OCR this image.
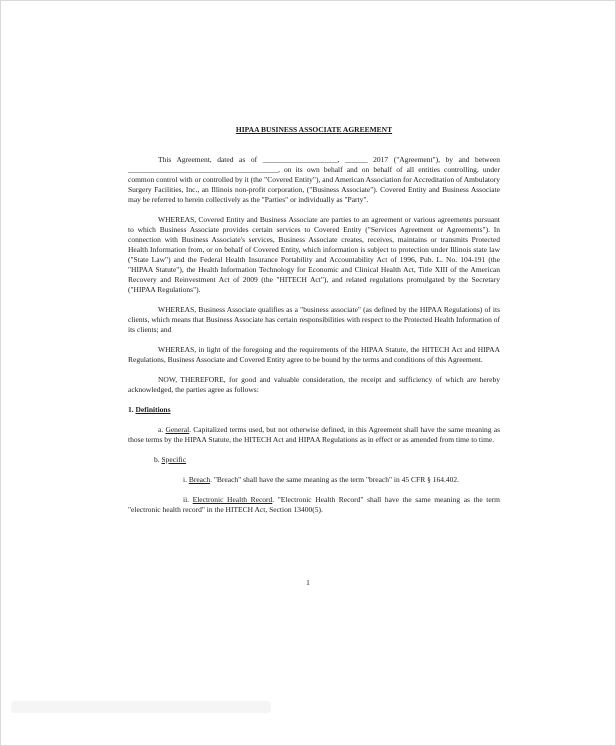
HIPAA BUSINESS ASSOCIATE AGREEMENT

This Agreement, dated as of ____________________, ______ 2017 ("Agreement"), by and between ________________________________________, on its own behalf and on behalf of all entities controlling, under common control with or controlled by it (the "Covered Entity"), and American Association for Accreditation of Ambulatory Surgery Facilities, Inc., an Illinois non-profit corporation, ("Business Associate"). Covered Entity and Business Associate may be referred to herein collectively as the "Parties" or individually as "Party".

WHEREAS, Covered Entity and Business Associate are parties to an agreement or various agreements pursuant to which Business Associate provides certain services to Covered Entity ("Services Agreement or Agreements"). In connection with Business Associate's services, Business Associate creates, receives, maintains or transmits Protected Health Information from, or on behalf of Covered Entity, which information is subject to protection under Illinois state law ("State Law") and the Federal Health Insurance Portability and Accountability Act of 1996, Pub. L. No. 104-191 (the "HIPAA Statute"), the Health Information Technology for Economic and Clinical Health Act, Title XIII of the American Recovery and Reinvestment Act of 2009 (the "HITECH Act"), and related regulations promulgated by the Secretary ("HIPAA Regulations").

WHEREAS, Business Associate qualifies as a "business associate" (as defined by the HIPAA Regulations) of its clients, which means that Business Associate has certain responsibilities with respect to the Protected Health Information of its clients; and

WHEREAS, in light of the foregoing and the requirements of the HIPAA Statute, the HITECH Act and HIPAA Regulations, Business Associate and Covered Entity agree to be bound by the terms and conditions of this Agreement.

NOW, THEREFORE, for good and valuable consideration, the receipt and sufficiency of which are hereby acknowledged, the parties agree as follows:

1. Definitions

a. General. Capitalized terms used, but not otherwise defined, in this Agreement shall have the same meaning as those terms by the HIPAA Statute, the HITECH Act and HIPAA Regulations as in effect or as amended from time to time.

b. Specific

i. Breach. "Breach" shall have the same meaning as the term "breach" in 45 CFR § 164.402.

ii. Electronic Health Record. "Electronic Health Record" shall have the same meaning as the term "electronic health record" in the HITECH Act, Section 13400(5).

1
